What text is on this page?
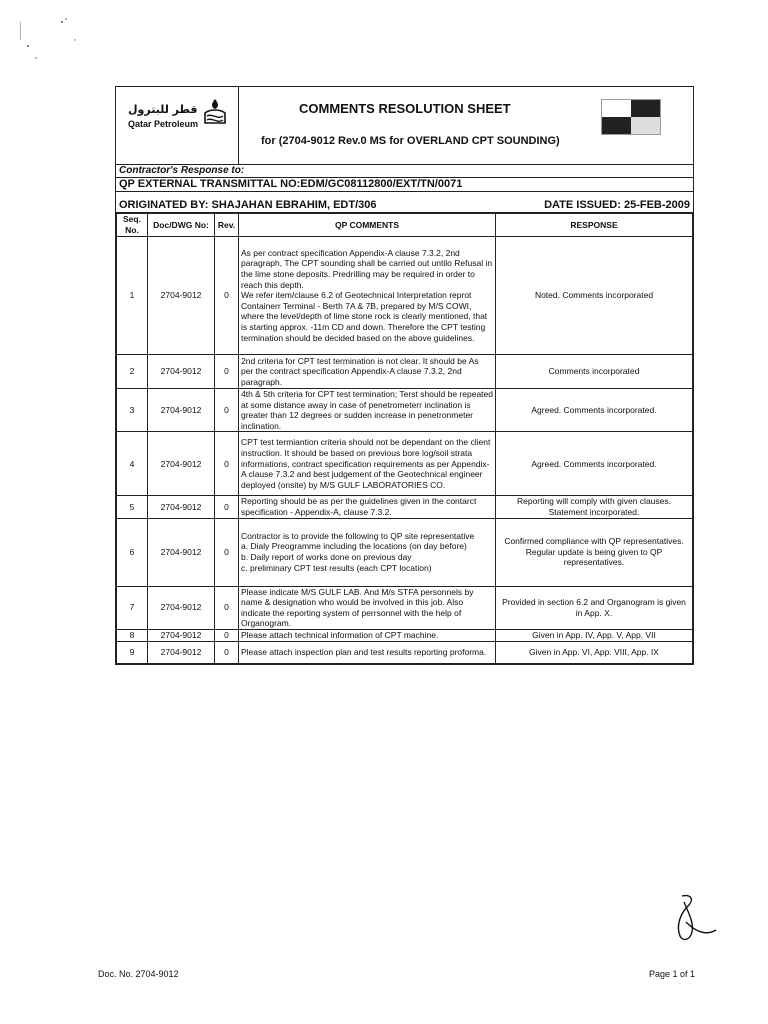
قطر للبترول
Qatar Petroleum
COMMENTS RESOLUTION SHEET
for (2704-9012 Rev.0 MS for OVERLAND CPT SOUNDING)
Contractor's Response to:
QP EXTERNAL TRANSMITTAL NO:EDM/GC08112800/EXT/TN/0071
ORIGINATED BY: SHAJAHAN EBRAHIM, EDT/306	DATE ISSUED: 25-FEB-2009
Seq. No.	Doc/DWG No:	Rev.	QP COMMENTS	RESPONSE
1	2704-9012	0	As per contract specification Appendix-A clause 7.3.2, 2nd paragraph, The CPT sounding shall be carried out untilo Refusal in the lime stone deposits. Predrilling may be required in order to reach this depth.
We refer item/clause 6.2 of Geotechnical Interpretation reprot Containerr Terminal - Berth 7A & 7B, prepared by M/S COWI, where the level/depth of lime stone rock is clearly mentioned, that is starting approx. -11m CD and down. Therefore the CPT testing termination should be decided based on the above guidelines.	Noted. Comments incorporated
2	2704-9012	0	2nd criteria for CPT test termination is not clear. It should be As per the contract specification Appendix-A clause 7.3.2, 2nd paragraph.	Comments incorporated
3	2704-9012	0	4th & 5th criteria for CPT test termination; Terst should be repeated at some distance away in case of penetrometerr inclination is greater than 12 degrees or sudden increase in penetronmeter inclination.	Agreed. Comments incorporated.
4	2704-9012	0	CPT test termiantion criteria should not be dependant on the client instruction. It should be based on previous bore log/soil strata informations, contract specification requirements as per Appendix-A clause 7.3.2 and best judgement of the Geotechnical engineer deployed (onsite) by M/S GULF LABORATORIES CO.	Agreed. Comments incorporated.
5	2704-9012	0	Reporting should be as per the guidelines given in the contarct specification - Appendix-A, clause 7.3.2.	Reporting will comply with given clauses. Statement incorporated.
6	2704-9012	0	Contractor is to provide the following to QP site representative
a. Dialy Preogramme including the locations (on day before)
b. Daily report of works done on previous day
c. preliminary CPT test results (each CPT location)	Confirmed compliance with QP representatives. Regular update is being given to QP representatives.
7	2704-9012	0	Please indicate M/S GULF LAB. And M/s STFA personnels by name & designation who would be involved in this job. Also indicate the reporting system of perrsonnel with the help of Organogram.	Provided in section 6.2 and Organogram is given in App. X.
8	2704-9012	0	Please attach technical information of CPT machine.	Given in App. IV, App. V, App. VII
9	2704-9012	0	Please attach inspection plan and test results reporting proforma.	Given in App. VI, App. VIII, App. IX
Doc. No. 2704-9012	Page 1 of 1
